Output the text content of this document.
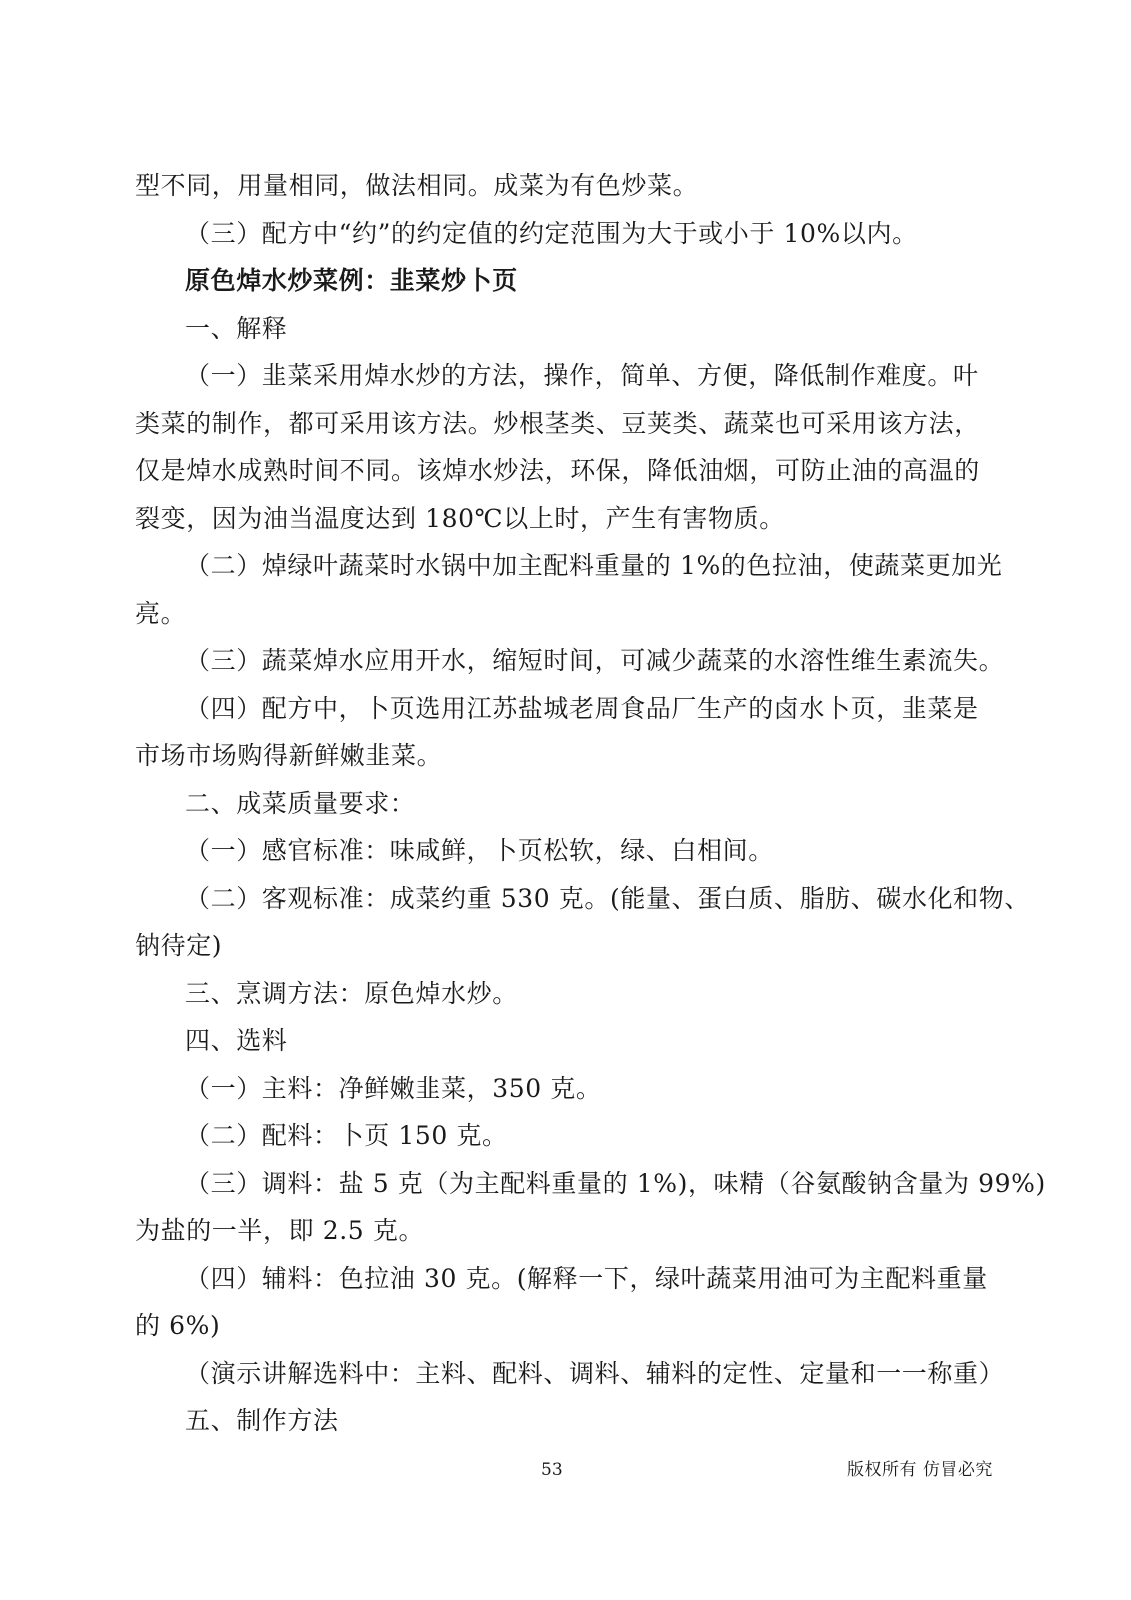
型不同，用量相同，做法相同。成菜为有色炒菜。
（三）配方中“约”的约定值的约定范围为大于或小于 10%以内。
原色焯水炒菜例：韭菜炒卜页
一、解释
（一）韭菜采用焯水炒的方法，操作，简单、方便，降低制作难度。叶
类菜的制作，都可采用该方法。炒根茎类、豆荚类、蔬菜也可采用该方法，
仅是焯水成熟时间不同。该焯水炒法，环保，降低油烟，可防止油的高温的
裂变，因为油当温度达到 180℃以上时，产生有害物质。
（二）焯绿叶蔬菜时水锅中加主配料重量的 1%的色拉油，使蔬菜更加光
亮。
（三）蔬菜焯水应用开水，缩短时间，可减少蔬菜的水溶性维生素流失。
（四）配方中，卜页选用江苏盐城老周食品厂生产的卤水卜页，韭菜是
市场市场购得新鲜嫩韭菜。
二、成菜质量要求：
（一）感官标准：味咸鲜，卜页松软，绿、白相间。
（二）客观标准：成菜约重 530 克。(能量、蛋白质、脂肪、碳水化和物、
钠待定)
三、烹调方法：原色焯水炒。
四、选料
（一）主料：净鲜嫩韭菜，350 克。
（二）配料：卜页 150 克。
（三）调料：盐 5 克（为主配料重量的 1%)，味精（谷氨酸钠含量为 99%)
为盐的一半，即 2.5 克。
（四）辅料：色拉油 30 克。(解释一下，绿叶蔬菜用油可为主配料重量
的 6%)
（演示讲解选料中：主料、配料、调料、辅料的定性、定量和一一称重）
五、制作方法
53	版权所有 仿冒必究
